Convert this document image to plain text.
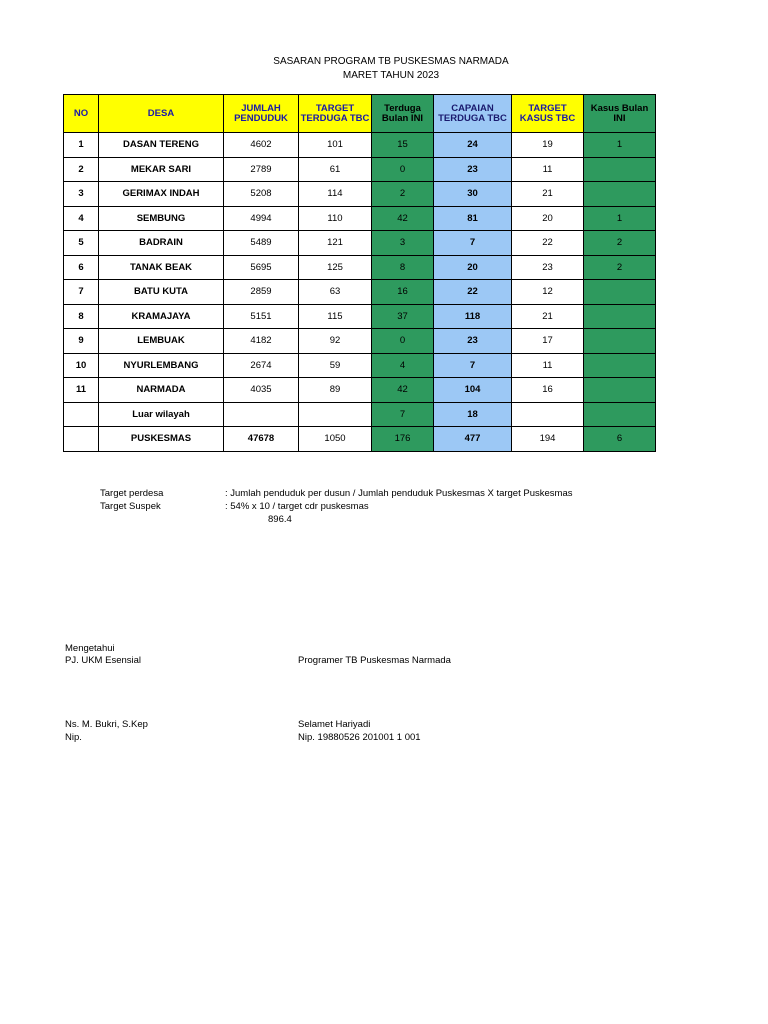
SASARAN PROGRAM TB PUSKESMAS NARMADA
MARET TAHUN 2023
NO	DESA	JUMLAH PENDUDUK	TARGET TERDUGA TBC	Terduga Bulan INI	CAPAIAN TERDUGA TBC	TARGET KASUS TBC	Kasus Bulan INI
1	DASAN TERENG	4602	101	15	24	19	1
2	MEKAR SARI	2789	61	0	23	11	
3	GERIMAX INDAH	5208	114	2	30	21	
4	SEMBUNG	4994	110	42	81	20	1
5	BADRAIN	5489	121	3	7	22	2
6	TANAK BEAK	5695	125	8	20	23	2
7	BATU KUTA	2859	63	16	22	12	
8	KRAMAJAYA	5151	115	37	118	21	
9	LEMBUAK	4182	92	0	23	17	
10	NYURLEMBANG	2674	59	4	7	11	
11	NARMADA	4035	89	42	104	16	
	Luar wilayah			7	18		
	PUSKESMAS	47678	1050	176	477	194	6
Target perdesa	: Jumlah penduduk per dusun / Jumlah penduduk Puskesmas X target Puskesmas
Target Suspek	: 54% x 10 / target cdr puskesmas
896.4
Mengetahui
PJ. UKM Esensial	Programer TB Puskesmas Narmada
Ns. M. Bukri, S.Kep
Nip.
Selamet Hariyadi
Nip. 19880526 201001 1 001
